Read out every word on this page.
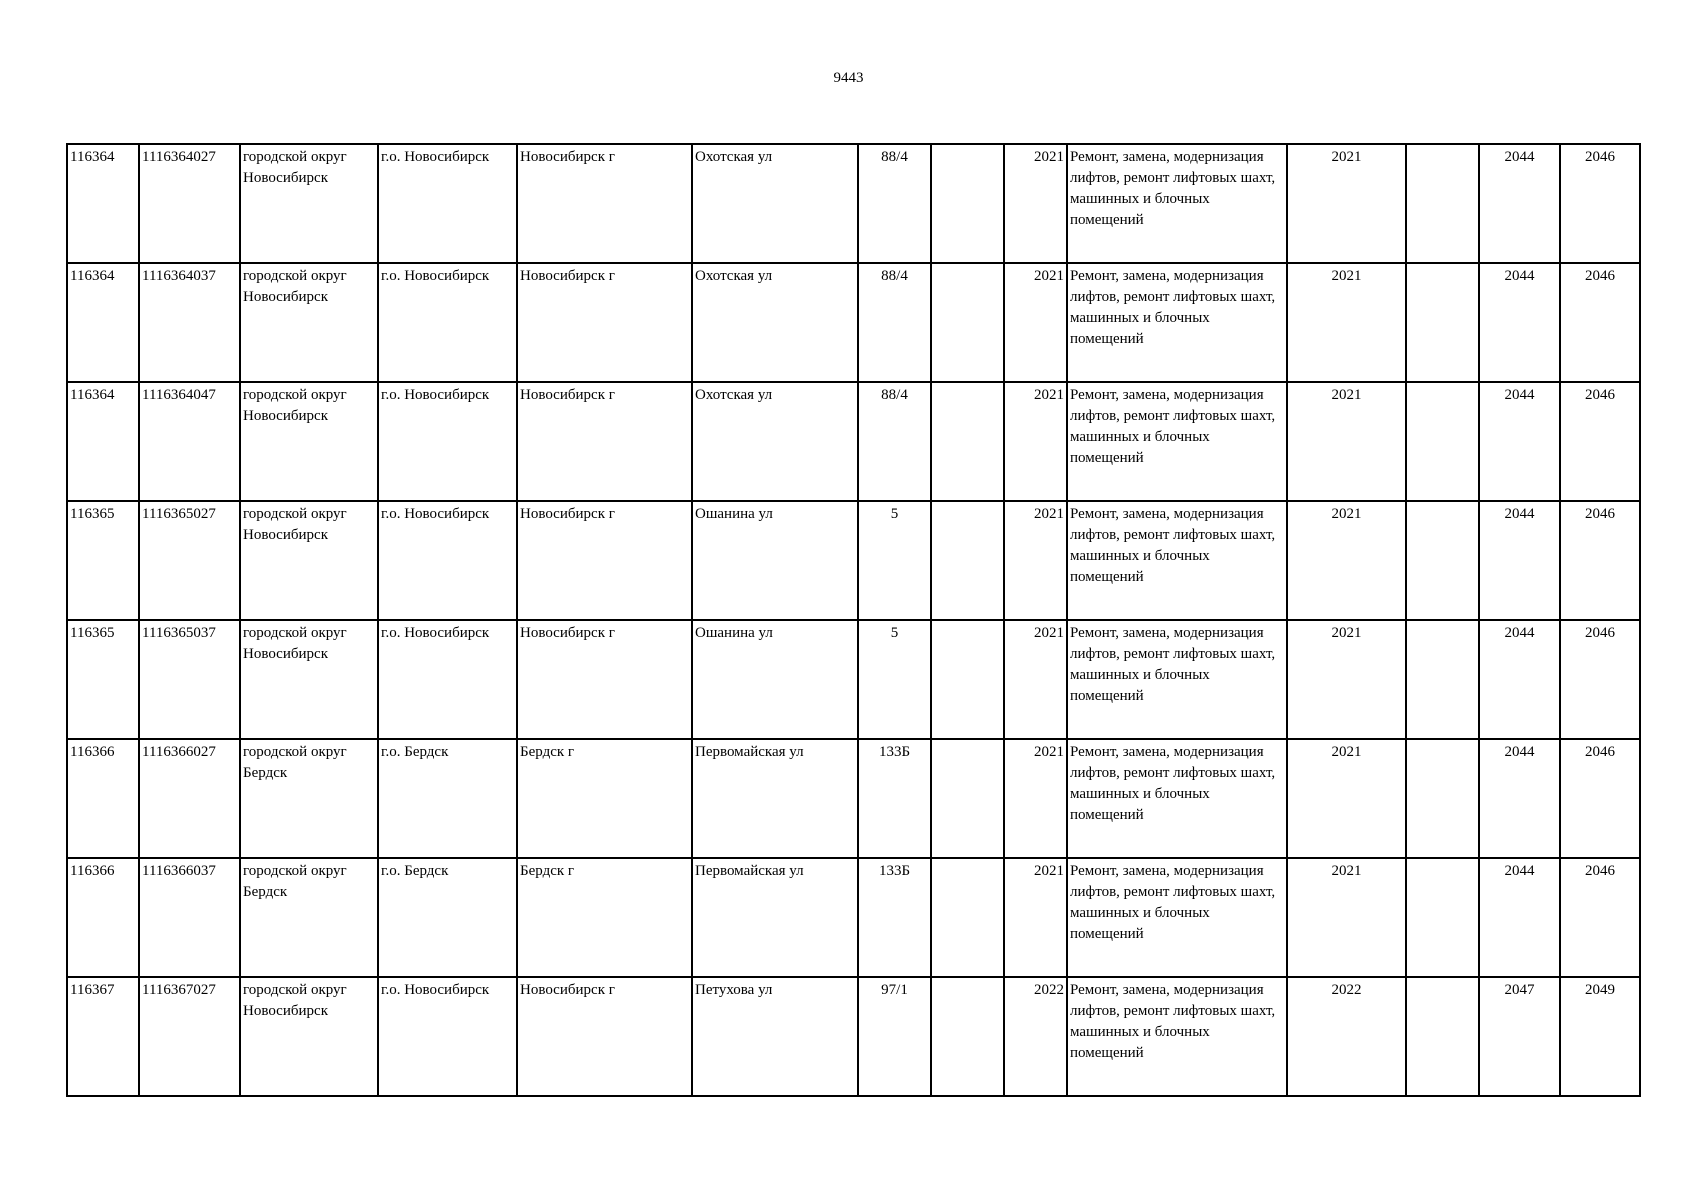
9443
116364	1116364027	городской округ Новосибирск	г.о. Новосибирск	Новосибирск г	Охотская ул	88/4		2021	Ремонт, замена, модернизация лифтов, ремонт лифтовых шахт, машинных и блочных помещений	2021		2044	2046
116364	1116364037	городской округ Новосибирск	г.о. Новосибирск	Новосибирск г	Охотская ул	88/4		2021	Ремонт, замена, модернизация лифтов, ремонт лифтовых шахт, машинных и блочных помещений	2021		2044	2046
116364	1116364047	городской округ Новосибирск	г.о. Новосибирск	Новосибирск г	Охотская ул	88/4		2021	Ремонт, замена, модернизация лифтов, ремонт лифтовых шахт, машинных и блочных помещений	2021		2044	2046
116365	1116365027	городской округ Новосибирск	г.о. Новосибирск	Новосибирск г	Ошанина ул	5		2021	Ремонт, замена, модернизация лифтов, ремонт лифтовых шахт, машинных и блочных помещений	2021		2044	2046
116365	1116365037	городской округ Новосибирск	г.о. Новосибирск	Новосибирск г	Ошанина ул	5		2021	Ремонт, замена, модернизация лифтов, ремонт лифтовых шахт, машинных и блочных помещений	2021		2044	2046
116366	1116366027	городской округ Бердск	г.о. Бердск	Бердск г	Первомайская ул	133Б		2021	Ремонт, замена, модернизация лифтов, ремонт лифтовых шахт, машинных и блочных помещений	2021		2044	2046
116366	1116366037	городской округ Бердск	г.о. Бердск	Бердск г	Первомайская ул	133Б		2021	Ремонт, замена, модернизация лифтов, ремонт лифтовых шахт, машинных и блочных помещений	2021		2044	2046
116367	1116367027	городской округ Новосибирск	г.о. Новосибирск	Новосибирск г	Петухова ул	97/1		2022	Ремонт, замена, модернизация лифтов, ремонт лифтовых шахт, машинных и блочных помещений	2022		2047	2049
